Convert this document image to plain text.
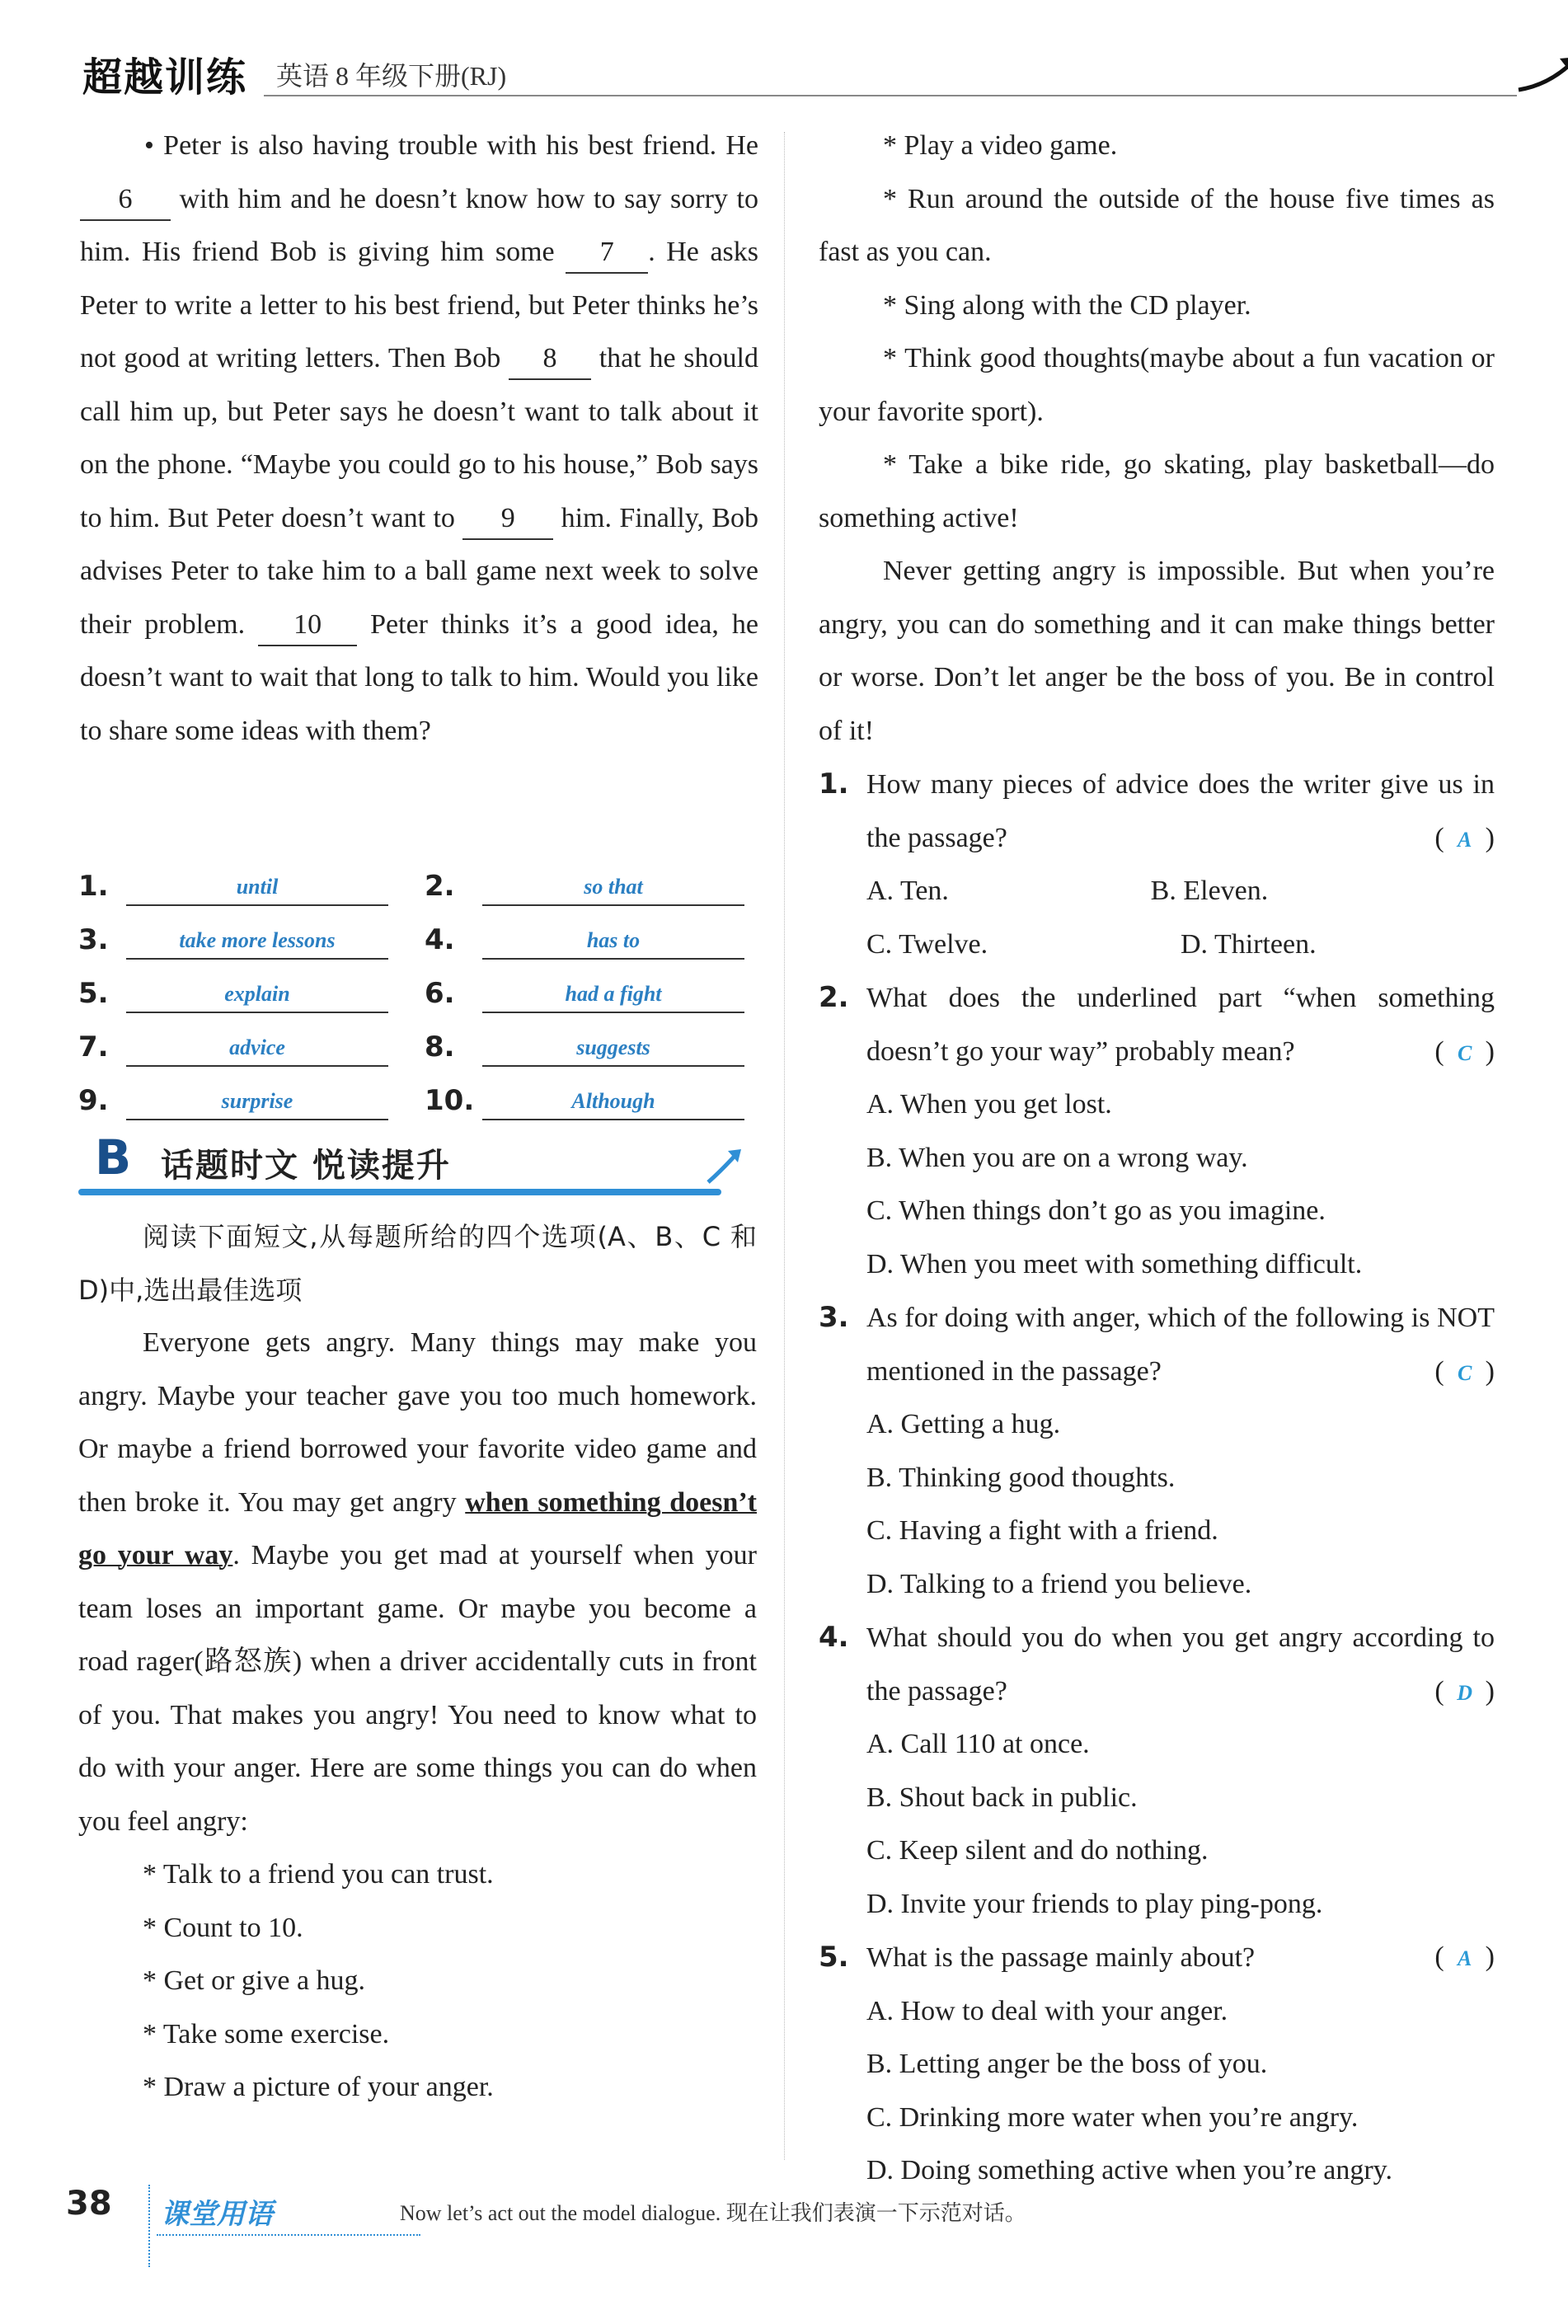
超越训练 英语 8 年级下册(RJ)

• Peter is also having trouble with his best friend. He 6 with him and he doesn’t know how to say sorry to him. His friend Bob is giving him some 7 . He asks Peter to write a letter to his best friend, but Peter thinks he’s not good at writing letters. Then Bob 8 that he should call him up, but Peter says he doesn’t want to talk about it on the phone. “Maybe you could go to his house,” Bob says to him. But Peter doesn’t want to 9 him. Finally, Bob advises Peter to take him to a ball game next week to solve their problem. 10 Peter thinks it’s a good idea, he doesn’t want to wait that long to talk to him. Would you like to share some ideas with them?

1.	until	2.	so that
3.	take more lessons	4.	has to
5.	explain	6.	had a fight
7.	advice	8.	suggests
9.	surprise	10.	Although
B 话题时文 悦读提升

阅读下面短文,从每题所给的四个选项(A、B、C 和 D)中,选出最佳选项

Everyone gets angry. Many things may make you angry. Maybe your teacher gave you too much homework. Or maybe a friend borrowed your favorite video game and then broke it. You may get angry when something doesn’t go your way. Maybe you get mad at yourself when your team loses an important game. Or maybe you become a road rager(路怒族) when a driver accidentally cuts in front of you. That makes you angry! You need to know what to do with your anger. Here are some things you can do when you feel angry:

* Talk to a friend you can trust.

* Count to 10.

* Get or give a hug.

* Take some exercise.

* Draw a picture of your anger.

* Play a video game.

* Run around the outside of the house five times as fast as you can.

* Sing along with the CD player.

* Think good thoughts(maybe about a fun vacation or your favorite sport).

* Take a bike ride, go skating, play basketball—do something active!

Never getting angry is impossible. But when you’re angry, you can do something and it can make things better or worse. Don’t let anger be the boss of you. Be in control of it!

1. How many pieces of advice does the writer give us in the passage?	( A )
A. Ten.	B. Eleven.
C. Twelve.	D. Thirteen.
2. What does the underlined part “when something doesn’t go your way” probably mean?	( C )
A. When you get lost.
B. When you are on a wrong way.
C. When things don’t go as you imagine.
D. When you meet with something difficult.
3. As for doing with anger, which of the following is NOT mentioned in the passage?	( C )
A. Getting a hug.
B. Thinking good thoughts.
C. Having a fight with a friend.
D. Talking to a friend you believe.
4. What should you do when you get angry according to the passage?	( D )
A. Call 110 at once.
B. Shout back in public.
C. Keep silent and do nothing.
D. Invite your friends to play ping-pong.
5. What is the passage mainly about?	( A )
A. How to deal with your anger.
B. Letting anger be the boss of you.
C. Drinking more water when you’re angry.
D. Doing something active when you’re angry.
38 课堂用语	Now let’s act out the model dialogue. 现在让我们表演一下示范对话。
